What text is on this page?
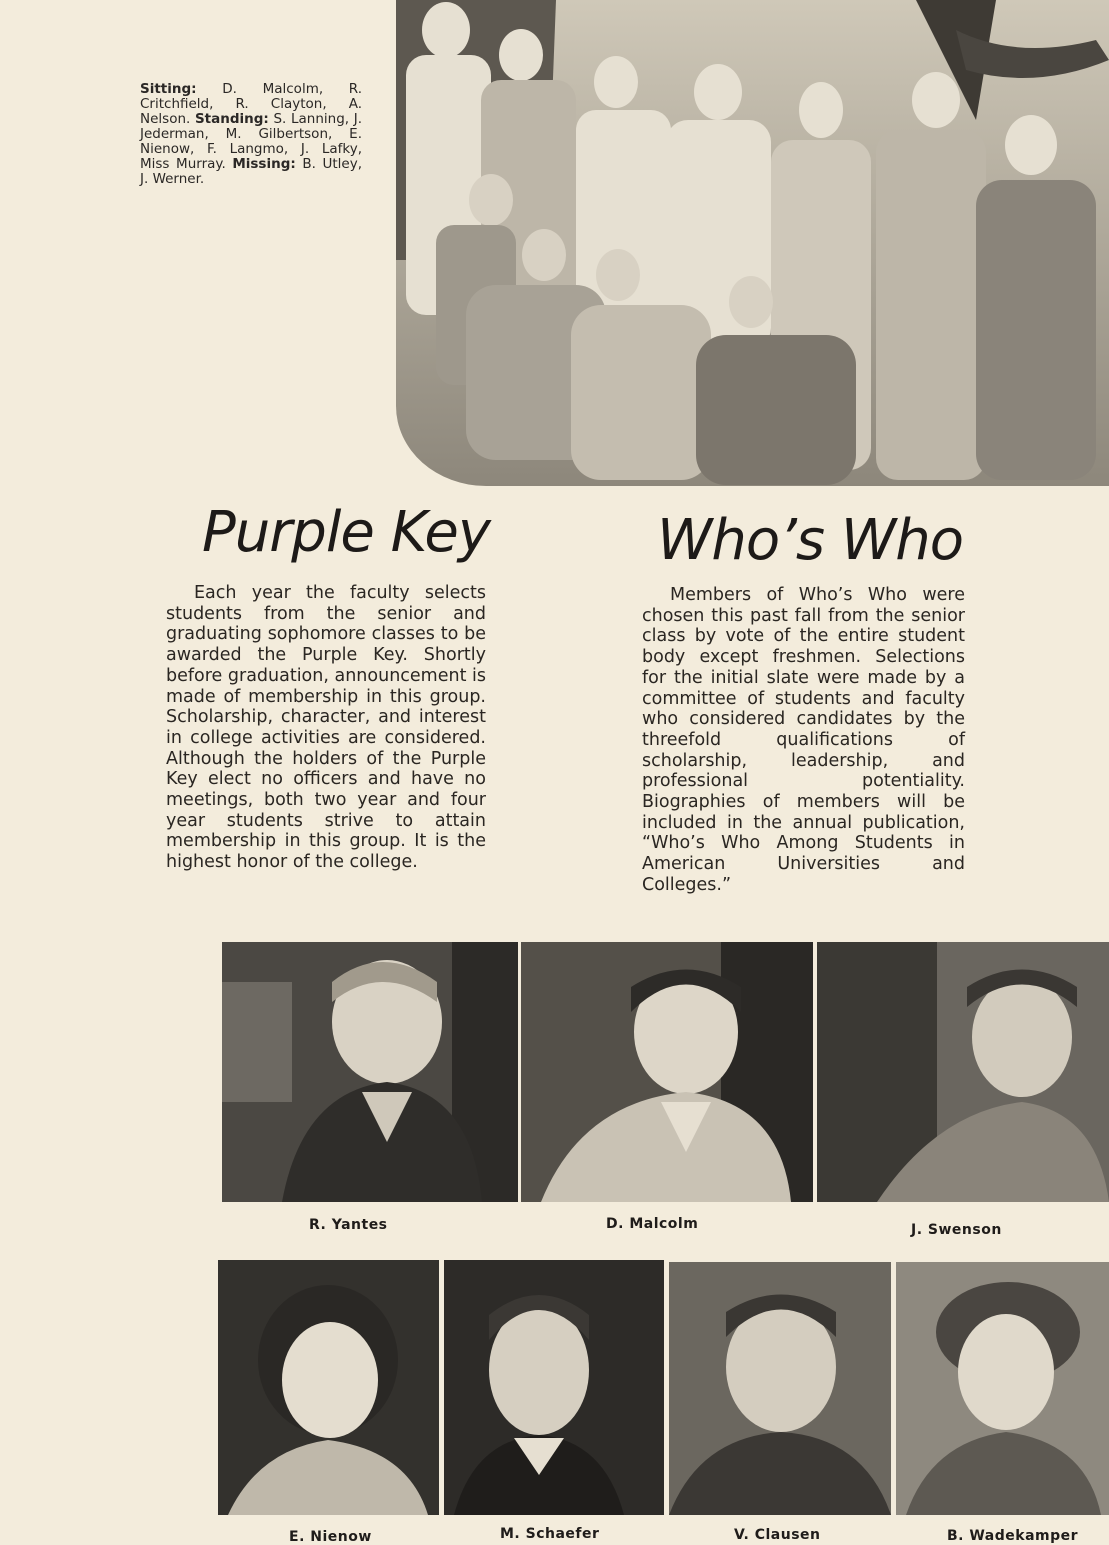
Sitting: D. Malcolm, R. Critchfield, R. Clayton, A. Nelson. Standing: S. Lanning, J. Jederman, M. Gilbertson, E. Nienow, F. Langmo, J. Lafky, Miss Murray. Missing: B. Utley, J. Werner.
Purple Key

Each year the faculty selects students from the senior and graduating sophomore classes to be awarded the Purple Key. Shortly before graduation, announcement is made of membership in this group. Scholarship, character, and interest in college activities are considered. Although the holders of the Purple Key elect no officers and have no meetings, both two year and four year students strive to attain membership in this group. It is the highest honor of the college.

Who’s Who

Members of Who’s Who were chosen this past fall from the senior class by vote of the entire student body except freshmen. Selections for the initial slate were made by a committee of students and faculty who considered candidates by the threefold qualifications of scholarship, leadership, and professional potentiality. Biographies of members will be included in the annual publication, “Who’s Who Among Students in American Universities and Colleges.”

R. Yantes	D. Malcolm	J. Swenson
E. Nienow	M. Schaefer	V. Clausen	B. Wadekamper
